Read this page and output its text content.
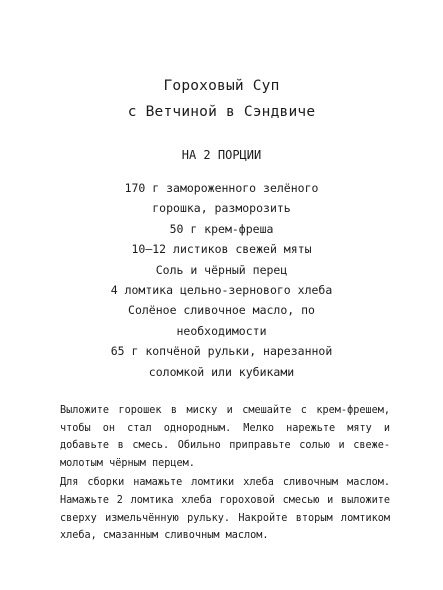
Гороховый Суп
с Ветчиной в Сэндвиче
НА 2 ПОРЦИИ
170 г замороженного зелёного
горошка, разморозить
50 г крем-фреша
10–12 листиков свежей мяты
Соль и чёрный перец
4 ломтика цельно-зернового хлеба
Солёное сливочное масло, по
необходимости
65 г копчёной рульки, нарезанной
соломкой или кубиками

Выложите горошек в миску и смешайте с крем-фрешем, чтобы он стал однородным. Мелко нарежьте мяту и добавьте в смесь. Обильно приправьте солью и свеже-молотым чёрным перцем.

Для сборки намажьте ломтики хлеба сливочным маслом. Намажьте 2 ломтика хлеба гороховой смесью и выложите сверху измельчённую рульку. Накройте вторым ломтиком хлеба, смазанным сливочным маслом.
